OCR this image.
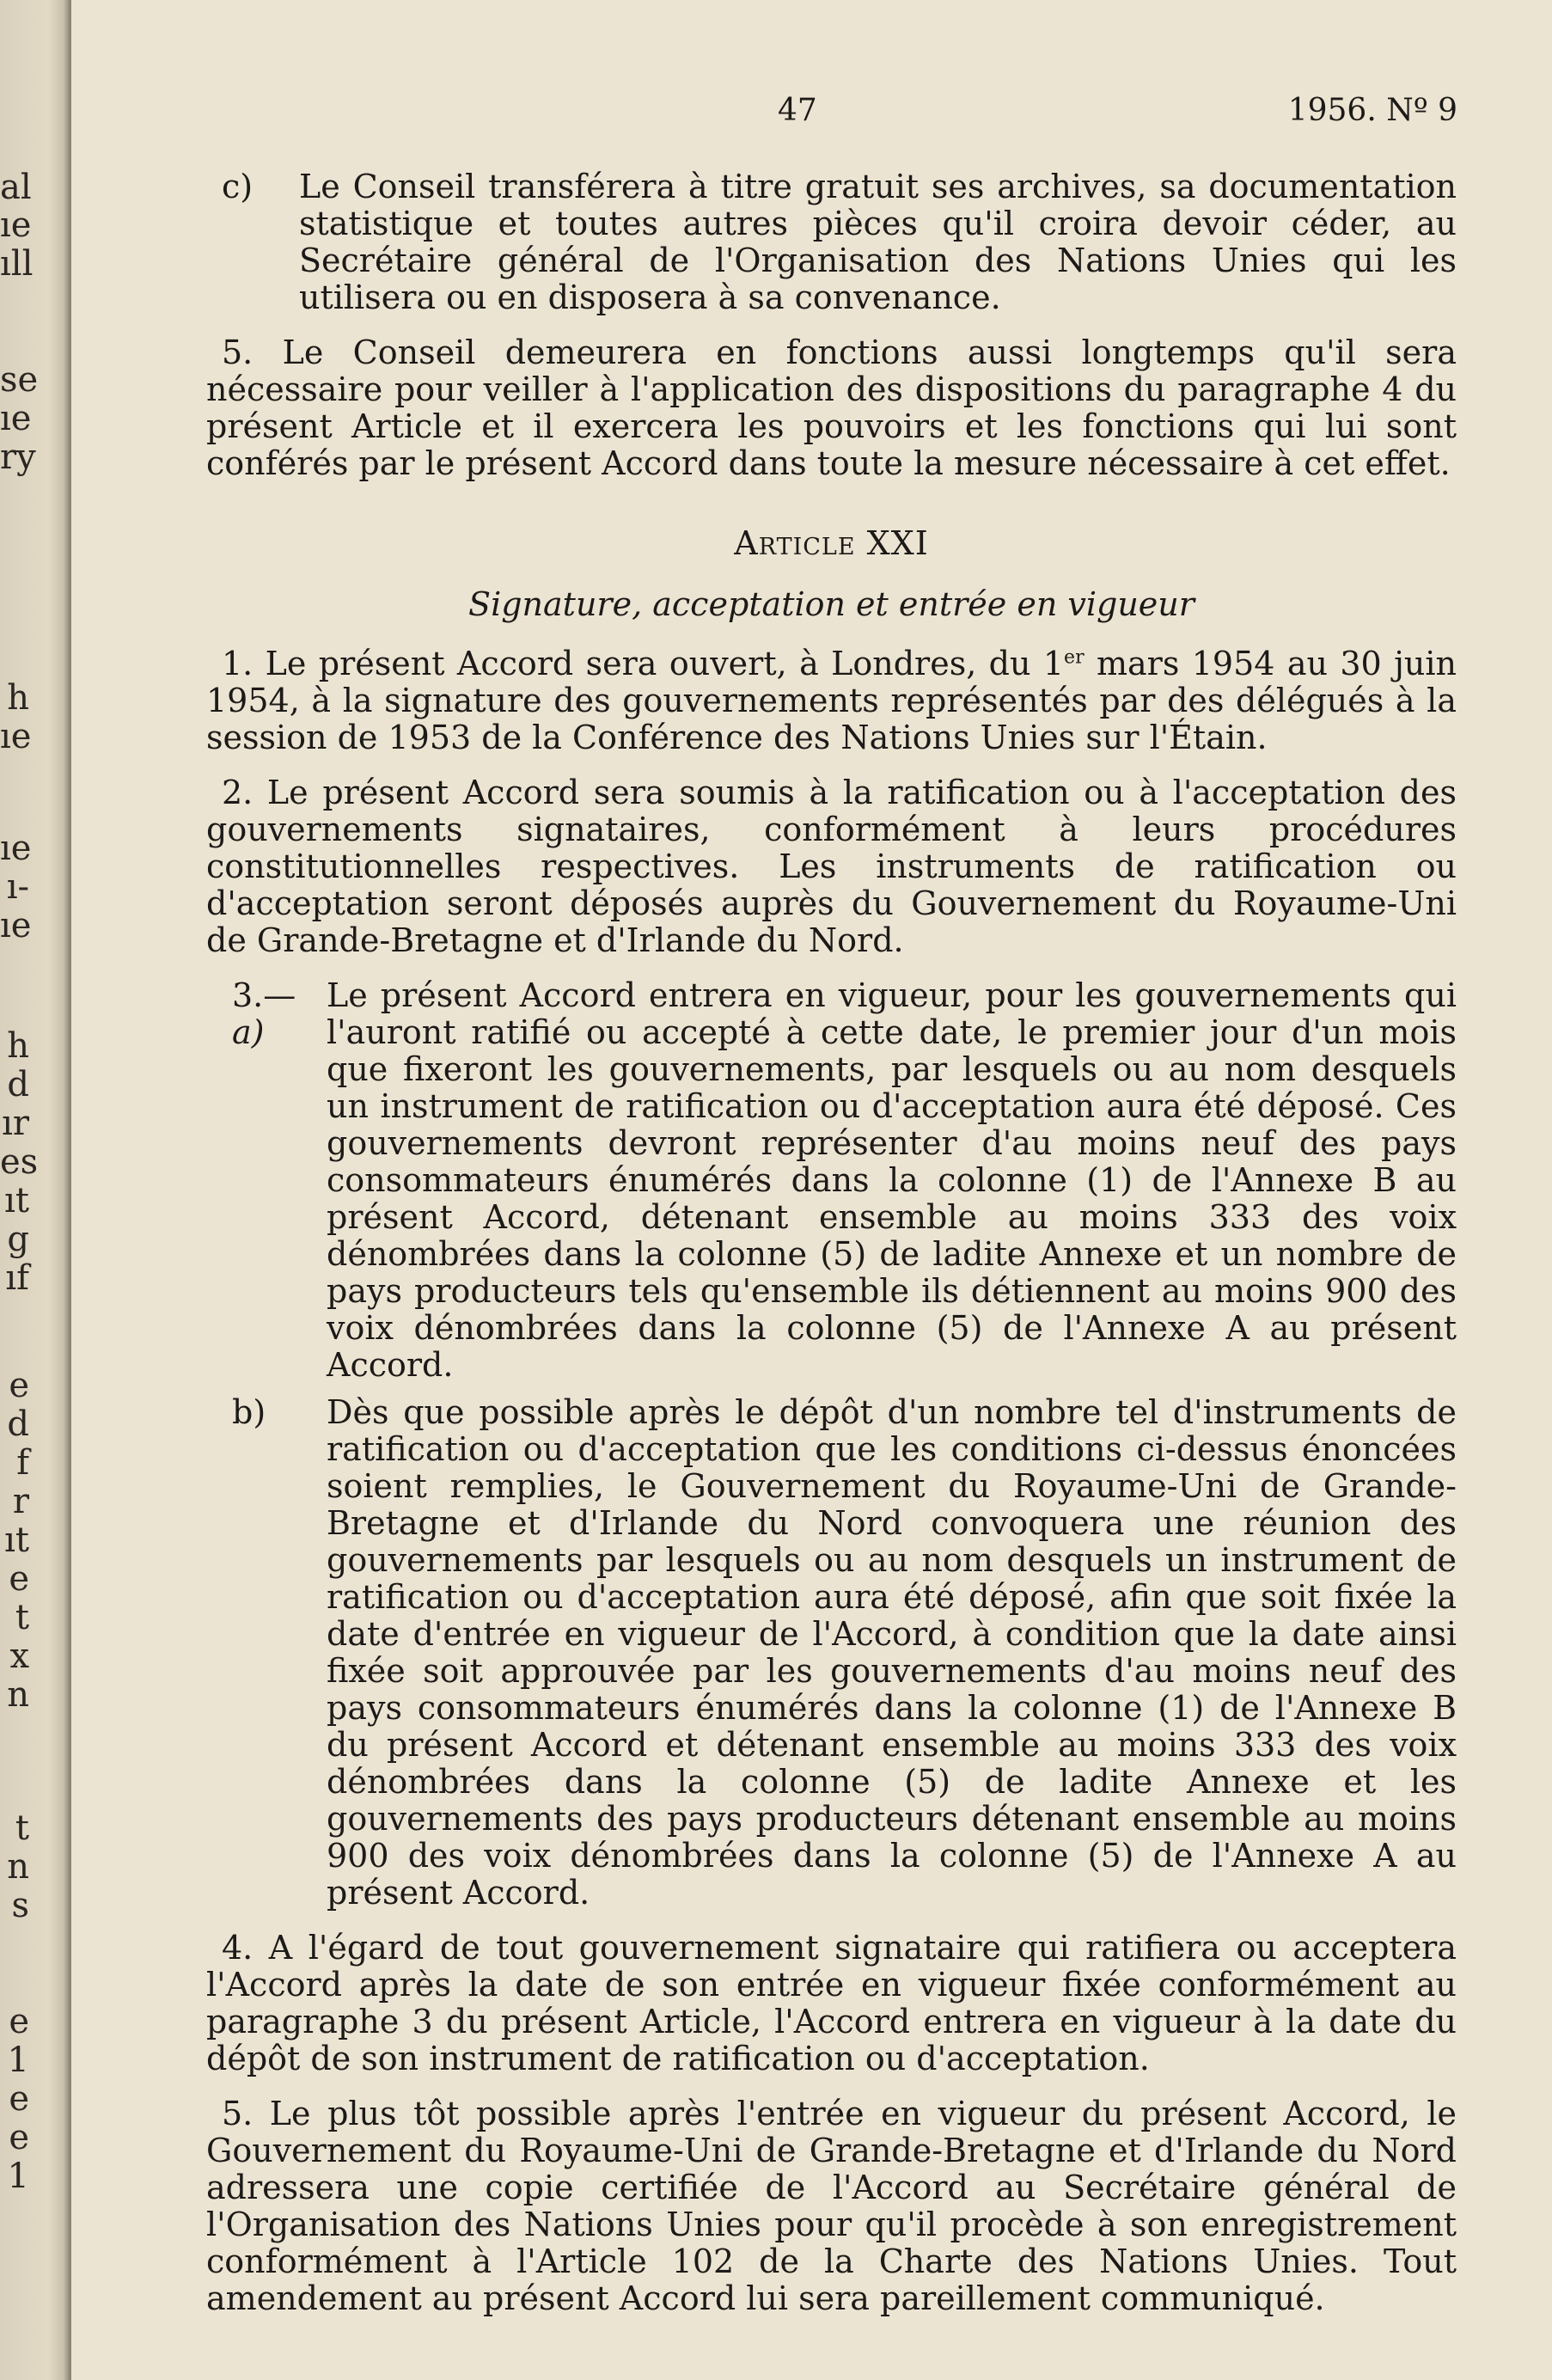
al
ıe
ıll
se
ıe
ry
h
ıe
ıe
ı-
ıe
h
d
ır
es
ıt
g
ıf
e
d
f
r
ıt
e
t
x
n
t
n
s
e
1
e
e
1
47	1956. Nº 9
c)	Le Conseil transférera à titre gratuit ses archives, sa documentation statistique et toutes autres pièces qu'il croira devoir céder, au Secrétaire général de l'Organisation des Nations Unies qui les utilisera ou en disposera à sa convenance.

5. Le Conseil demeurera en fonctions aussi longtemps qu'il sera nécessaire pour veiller à l'application des dispositions du paragraphe 4 du présent Article et il exercera les pouvoirs et les fonctions qui lui sont conférés par le présent Accord dans toute la mesure nécessaire à cet effet.

Article XXI
Signature, acceptation et entrée en vigueur

1. Le présent Accord sera ouvert, à Londres, du 1er mars 1954 au 30 juin 1954, à la signature des gouvernements représentés par des délégués à la session de 1953 de la Conférence des Nations Unies sur l'Étain.

2. Le présent Accord sera soumis à la ratification ou à l'acceptation des gouvernements signataires, conformément à leurs procédures constitutionnelles respectives. Les instruments de ratification ou d'acceptation seront déposés auprès du Gouvernement du Royaume-Uni de Grande-Bretagne et d'Irlande du Nord.

3.—a)
Le présent Accord entrera en vigueur, pour les gouvernements qui l'auront ratifié ou accepté à cette date, le premier jour d'un mois que fixeront les gouvernements, par lesquels ou au nom desquels un instrument de ratification ou d'acceptation aura été déposé. Ces gouvernements devront représenter d'au moins neuf des pays consommateurs énumérés dans la colonne (1) de l'Annexe B au présent Accord, détenant ensemble au moins 333 des voix dénombrées dans la colonne (5) de ladite Annexe et un nombre de pays producteurs tels qu'ensemble ils détiennent au moins 900 des voix dénombrées dans la colonne (5) de l'Annexe A au présent Accord.
b)	Dès que possible après le dépôt d'un nombre tel d'instruments de ratification ou d'acceptation que les conditions ci-dessus énoncées soient remplies, le Gouvernement du Royaume-Uni de Grande-Bretagne et d'Irlande du Nord convoquera une réunion des gouvernements par lesquels ou au nom desquels un instrument de ratification ou d'acceptation aura été déposé, afin que soit fixée la date d'entrée en vigueur de l'Accord, à condition que la date ainsi fixée soit approuvée par les gouvernements d'au moins neuf des pays consommateurs énumérés dans la colonne (1) de l'Annexe B du présent Accord et détenant ensemble au moins 333 des voix dénombrées dans la colonne (5) de ladite Annexe et les gouvernements des pays producteurs détenant ensemble au moins 900 des voix dénombrées dans la colonne (5) de l'Annexe A au présent Accord.

4. A l'égard de tout gouvernement signataire qui ratifiera ou acceptera l'Accord après la date de son entrée en vigueur fixée conformément au paragraphe 3 du présent Article, l'Accord entrera en vigueur à la date du dépôt de son instrument de ratification ou d'acceptation.

5. Le plus tôt possible après l'entrée en vigueur du présent Accord, le Gouvernement du Royaume-Uni de Grande-Bretagne et d'Irlande du Nord adressera une copie certifiée de l'Accord au Secrétaire général de l'Organisation des Nations Unies pour qu'il procède à son enregistrement conformément à l'Article 102 de la Charte des Nations Unies. Tout amendement au présent Accord lui sera pareillement communiqué.
